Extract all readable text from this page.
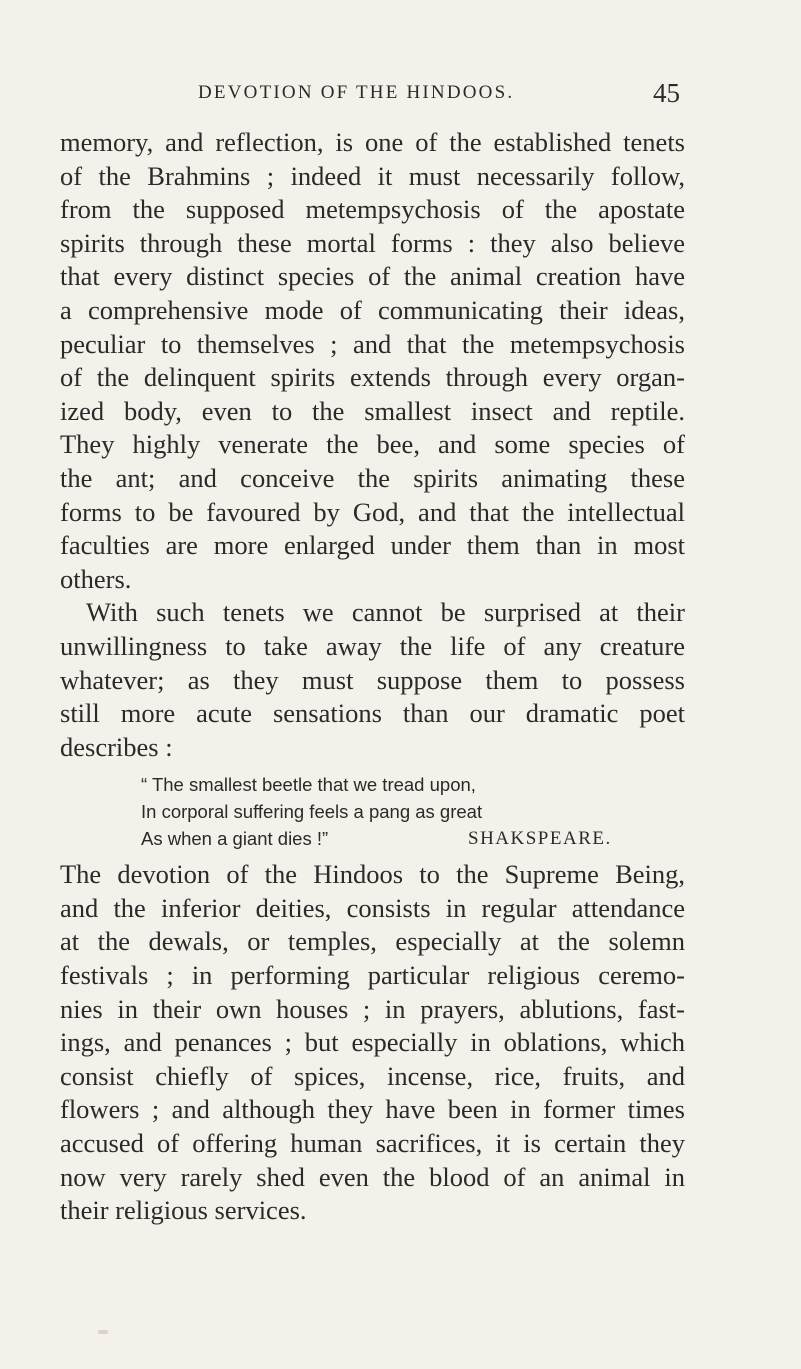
DEVOTION OF THE HINDOOS.	45
memory, and reflection, is one of the established tenets
of the Brahmins ; indeed it must necessarily follow,
from the supposed metempsychosis of the apostate
spirits through these mortal forms : they also believe
that every distinct species of the animal creation have
a comprehensive mode of communicating their ideas,
peculiar to themselves ; and that the metempsychosis
of the delinquent spirits extends through every organ-
ized body, even to the smallest insect and reptile.
They highly venerate the bee, and some species of
the ant; and conceive the spirits animating these
forms to be favoured by God, and that the intellectual
faculties are more enlarged under them than in most
others.
With such tenets we cannot be surprised at their
unwillingness to take away the life of any creature
whatever; as they must suppose them to possess
still more acute sensations than our dramatic poet
describes :
“ The smallest beetle that we tread upon,
In corporal suffering feels a pang as great
As when a giant dies !”	SHAKSPEARE.
The devotion of the Hindoos to the Supreme Being,
and the inferior deities, consists in regular attendance
at the dewals, or temples, especially at the solemn
festivals ; in performing particular religious ceremo-
nies in their own houses ; in prayers, ablutions, fast-
ings, and penances ; but especially in oblations, which
consist chiefly of spices, incense, rice, fruits, and
flowers ; and although they have been in former times
accused of offering human sacrifices, it is certain they
now very rarely shed even the blood of an animal in
their religious services.
